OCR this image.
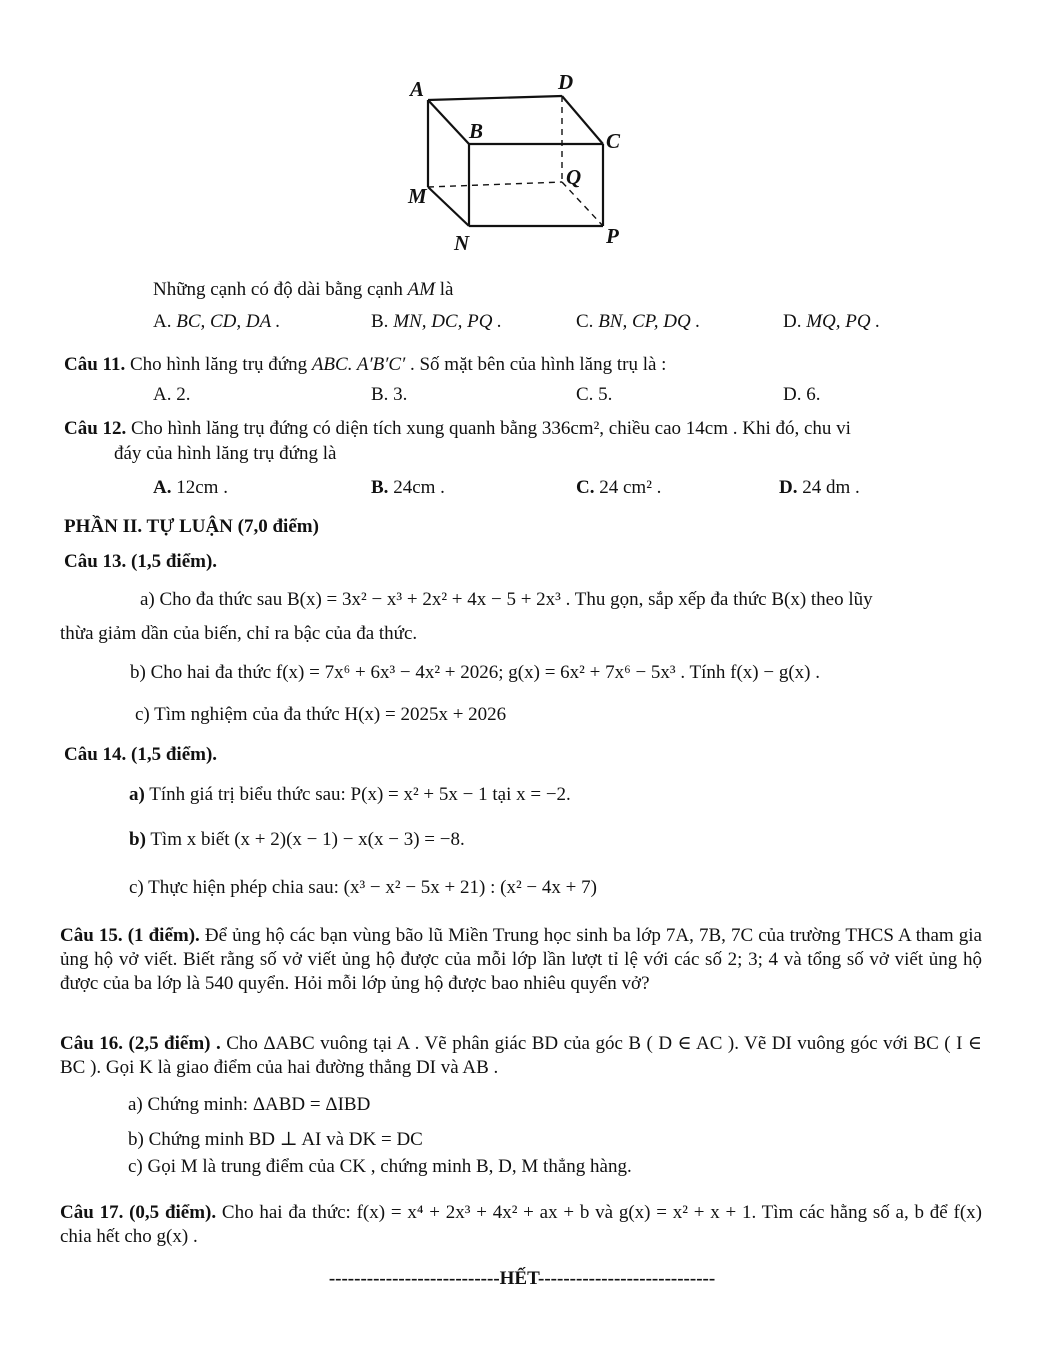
A	D
B	C
M
Q
N	P
Những cạnh có độ dài bằng cạnh AM là
A. BC, CD, DA .	B. MN, DC, PQ .	C. BN, CP, DQ .	D. MQ, PQ .
Câu 11. Cho hình lăng trụ đứng ABC. A′B′C′ . Số mặt bên của hình lăng trụ là :
A. 2.	B. 3.	C. 5.	D. 6.
Câu 12. Cho hình lăng trụ đứng có diện tích xung quanh bằng 336cm², chiều cao 14cm . Khi đó, chu vi
đáy của hình lăng trụ đứng là
A. 12cm .	B. 24cm .	C. 24 cm² .	D. 24 dm .
PHẦN II. TỰ LUẬN (7,0 điểm)
Câu 13. (1,5 điểm).
a) Cho đa thức sau B(x) = 3x² − x³ + 2x² + 4x − 5 + 2x³ . Thu gọn, sắp xếp đa thức B(x) theo lũy
thừa giảm dần của biến, chỉ ra bậc của đa thức.
b) Cho hai đa thức f(x) = 7x⁶ + 6x³ − 4x² + 2026; g(x) = 6x² + 7x⁶ − 5x³ . Tính f(x) − g(x) .
c) Tìm nghiệm của đa thức H(x) = 2025x + 2026
Câu 14. (1,5 điểm).
a) Tính giá trị biểu thức sau: P(x) = x² + 5x − 1 tại x = −2.
b) Tìm x biết (x + 2)(x − 1) − x(x − 3) = −8.
c) Thực hiện phép chia sau: (x³ − x² − 5x + 21) : (x² − 4x + 7)
Câu 15. (1 điểm). Để ủng hộ các bạn vùng bão lũ Miền Trung học sinh ba lớp 7A, 7B, 7C của trường THCS A tham gia ủng hộ vở viết. Biết rằng số vở viết ủng hộ được của mỗi lớp lần lượt tỉ lệ với các số 2; 3; 4 và tổng số vở viết ủng hộ được của ba lớp là 540 quyển. Hỏi mỗi lớp ủng hộ được bao nhiêu quyển vở?
Câu 16. (2,5 điểm) . Cho ΔABC vuông tại A . Vẽ phân giác BD của góc B ( D ∈ AC ). Vẽ DI vuông góc với BC ( I ∈ BC ). Gọi K là giao điểm của hai đường thẳng DI và AB .
a) Chứng minh: ΔABD = ΔIBD
b) Chứng minh BD ⊥ AI và DK = DC
c) Gọi M là trung điểm của CK , chứng minh B, D, M thẳng hàng.
Câu 17. (0,5 điểm). Cho hai đa thức: f(x) = x⁴ + 2x³ + 4x² + ax + b và g(x) = x² + x + 1. Tìm các hằng số a, b để f(x) chia hết cho g(x) .
---------------------------HẾT----------------------------
